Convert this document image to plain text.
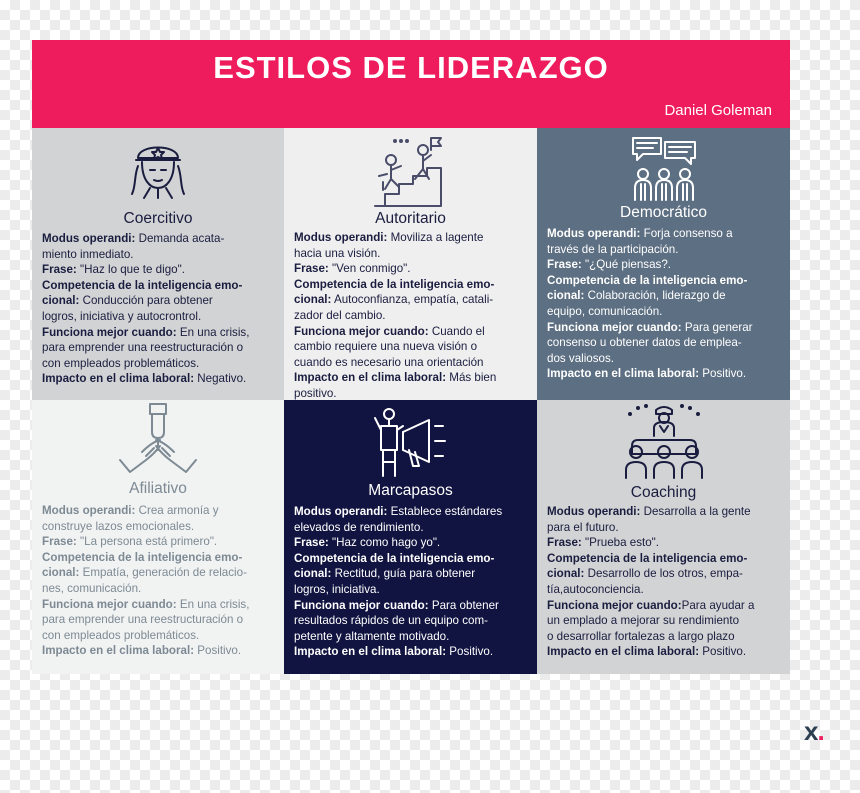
ESTILOS DE LIDERAZGO
Daniel Goleman
Coercitivo

Modus operandi: Demanda acata-

miento inmediato.

Frase: "Haz lo que te digo".

Competencia de la inteligencia emo-

cional: Conducción para obtener

logros, iniciativa y autocrontrol.

Funciona mejor cuando: En una crisis,

para emprender una reestructuración o

con empleados problemáticos.

Impacto en el clima laboral: Negativo.

Autoritario

Modus operandi: Moviliza a lagente

hacia una visión.

Frase: "Ven conmigo".

Competencia de la inteligencia emo-

cional: Autoconfianza, empatía, catali-

zador del cambio.

Funciona mejor cuando: Cuando el

cambio requiere una nueva visión o

cuando es necesario una orientación

Impacto en el clima laboral: Más bien

positivo.

Democrático

Modus operandi: Forja consenso a

través de la participación.

Frase: "¿Qué piensas?.

Competencia de la inteligencia emo-

cional: Colaboración, liderazgo de

equipo, comunicación.

Funciona mejor cuando: Para generar

consenso u obtener datos de emplea-

dos valiosos.

Impacto en el clima laboral: Positivo.

Afiliativo

Modus operandi: Crea armonía y

construye lazos emocionales.

Frase: "La persona está primero".

Competencia de la inteligencia emo-

cional: Empatía, generación de relacio-

nes, comunicación.

Funciona mejor cuando: En una crisis,

para emprender una reestructuración o

con empleados problemáticos.

Impacto en el clima laboral: Positivo.

Marcapasos

Modus operandi: Establece estándares

elevados de rendimiento.

Frase: "Haz como hago yo".

Competencia de la inteligencia emo-

cional: Rectitud, guía para obtener

logros, iniciativa.

Funciona mejor cuando: Para obtener

resultados rápidos de un equipo com-

petente y altamente motivado.

Impacto en el clima laboral: Positivo.

Coaching

Modus operandi: Desarrolla a la gente

para el futuro.

Frase: "Prueba esto".

Competencia de la inteligencia emo-

cional: Desarrollo de los otros, empa-

tía,autoconciencia.

Funciona mejor cuando:Para ayudar a

un emplado a mejorar su rendimiento

o desarrollar fortalezas a largo plazo

Impacto en el clima laboral: Positivo.

x.
